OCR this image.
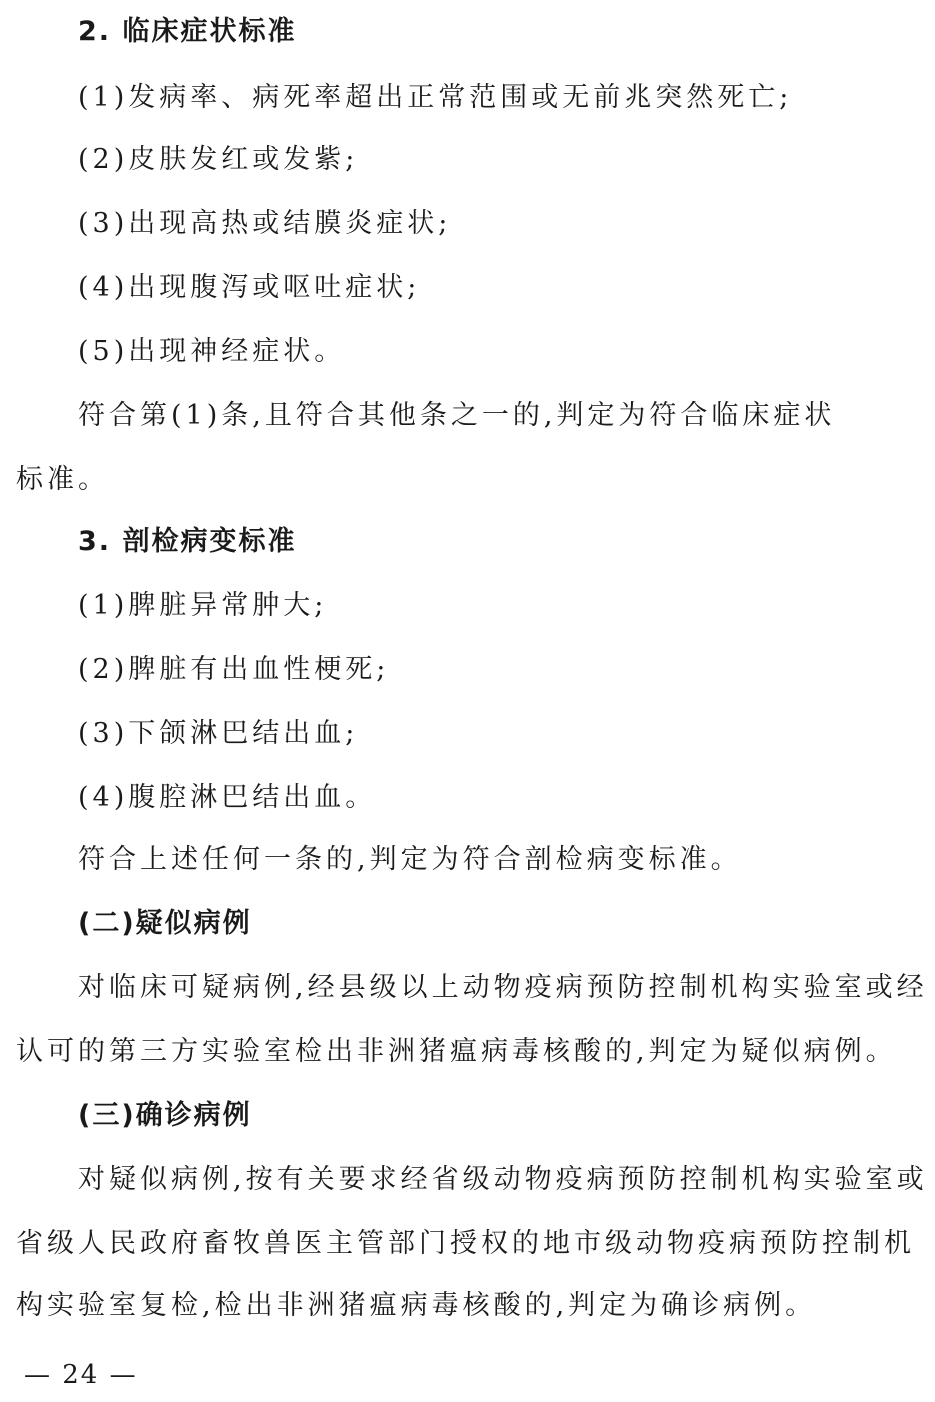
2. 临床症状标准
(1)发病率、病死率超出正常范围或无前兆突然死亡;
(2)皮肤发红或发紫;
(3)出现高热或结膜炎症状;
(4)出现腹泻或呕吐症状;
(5)出现神经症状。
符合第(1)条,且符合其他条之一的,判定为符合临床症状
标准。
3. 剖检病变标准
(1)脾脏异常肿大;
(2)脾脏有出血性梗死;
(3)下颌淋巴结出血;
(4)腹腔淋巴结出血。
符合上述任何一条的,判定为符合剖检病变标准。
(二)疑似病例
对临床可疑病例,经县级以上动物疫病预防控制机构实验室或经
认可的第三方实验室检出非洲猪瘟病毒核酸的,判定为疑似病例。
(三)确诊病例
对疑似病例,按有关要求经省级动物疫病预防控制机构实验室或
省级人民政府畜牧兽医主管部门授权的地市级动物疫病预防控制机
构实验室复检,检出非洲猪瘟病毒核酸的,判定为确诊病例。
— 24 —
